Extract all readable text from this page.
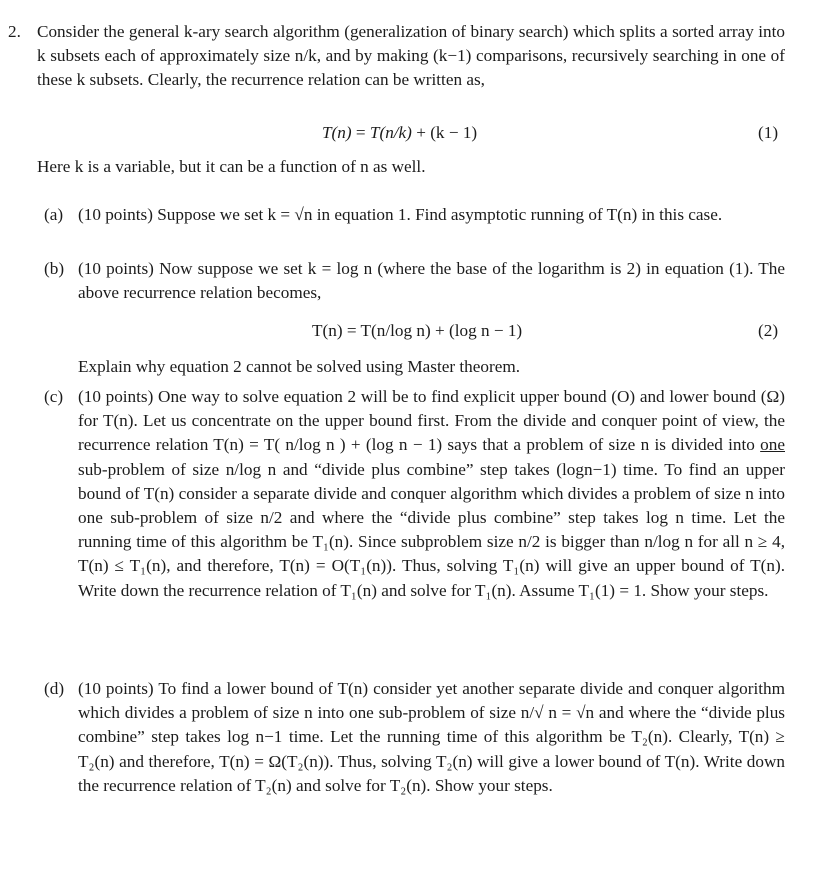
2. Consider the general k-ary search algorithm (generalization of binary search) which splits a sorted array into k subsets each of approximately size n/k, and by making (k−1) comparisons, recursively searching in one of these k subsets. Clearly, the recurrence relation can be written as,
T(n) = T(n/k) + (k − 1)	(1)
Here k is a variable, but it can be a function of n as well.
(a) (10 points) Suppose we set k = √n in equation 1. Find asymptotic running of T(n) in this case.
(b) (10 points) Now suppose we set k = log n (where the base of the logarithm is 2) in equation (1). The above recurrence relation becomes,
T(n) = T(n/log n) + (log n − 1)	(2)
Explain why equation 2 cannot be solved using Master theorem.
(c) (10 points) One way to solve equation 2 will be to find explicit upper bound (O) and lower bound (Ω) for T(n). Let us concentrate on the upper bound first. From the divide and conquer point of view, the recurrence relation T(n) = T( n/log n ) + (log n − 1) says that a problem of size n is divided into one sub-problem of size n/log n and “divide plus combine” step takes (logn−1) time. To find an upper bound of T(n) consider a separate divide and conquer algorithm which divides a problem of size n into one sub-problem of size n/2 and where the “divide plus combine” step takes log n time. Let the running time of this algorithm be T₁(n). Since subproblem size n/2 is bigger than n/log n for all n ≥ 4, T(n) ≤ T₁(n), and therefore, T(n) = O(T₁(n)). Thus, solving T₁(n) will give an upper bound of T(n). Write down the recurrence relation of T₁(n) and solve for T₁(n). Assume T₁(1) = 1. Show your steps.
(d) (10 points) To find a lower bound of T(n) consider yet another separate divide and conquer algorithm which divides a problem of size n into one sub-problem of size n/√ n = √n and where the “divide plus combine” step takes log n−1 time. Let the running time of this algorithm be T₂(n). Clearly, T(n) ≥ T₂(n) and therefore, T(n) = Ω(T₂(n)). Thus, solving T₂(n) will give a lower bound of T(n). Write down the recurrence relation of T₂(n) and solve for T₂(n). Show your steps.
